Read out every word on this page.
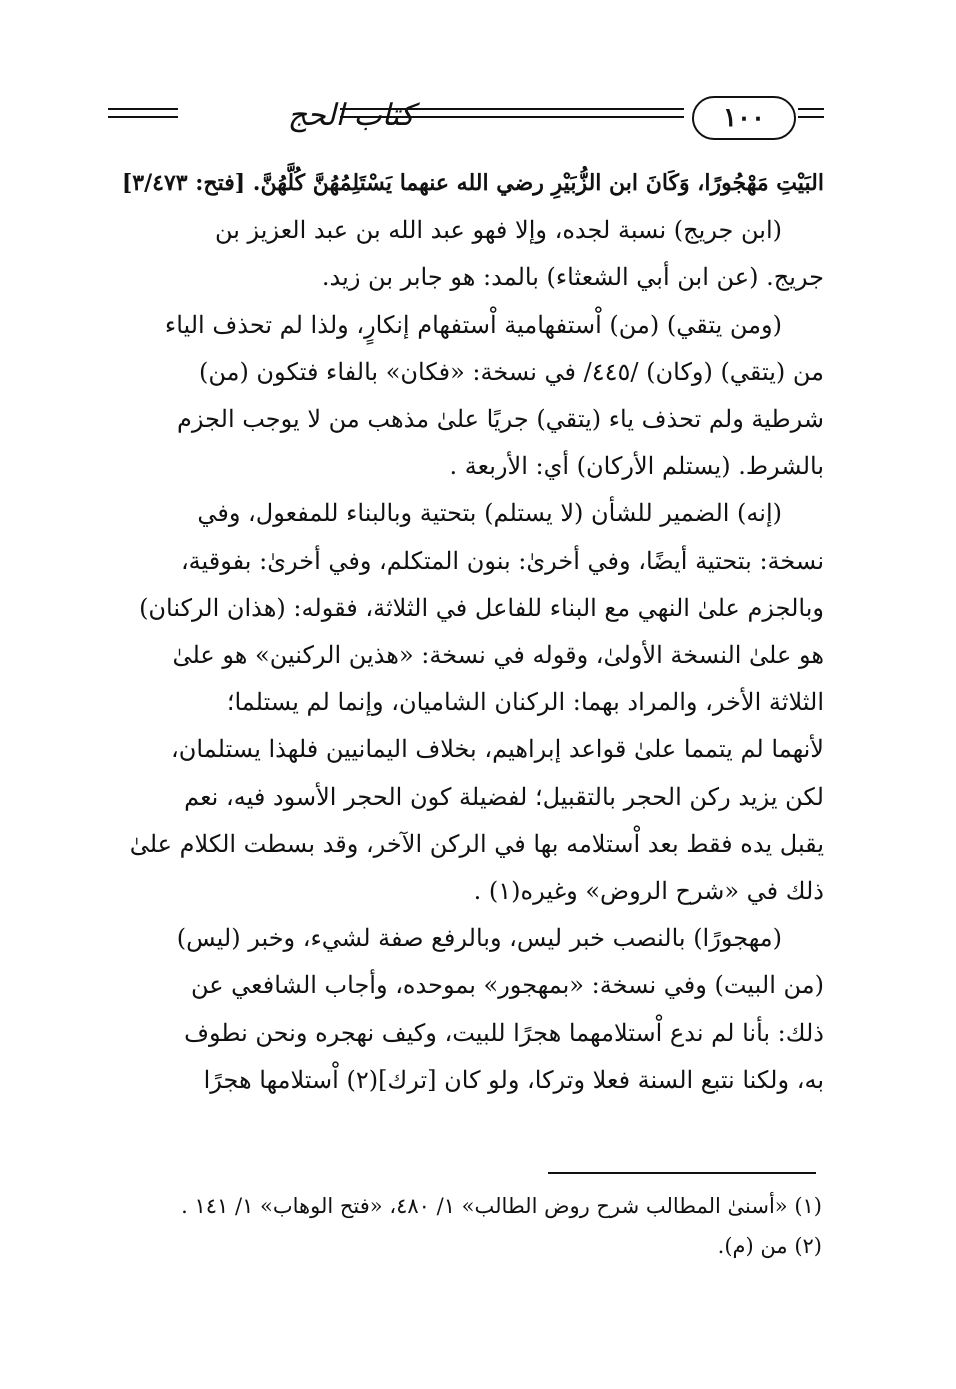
كتاب الحج	١٠٠

البَيْتِ مَهْجُورًا، وَكَانَ ابن الزُّبَيْرِ رضي الله عنهما يَسْتَلِمُهُنَّ كُلَّهُنَّ. [فتح: ٣/٤٧٣]

(ابن جريج) نسبة لجده، وإلا فهو عبد الله بن عبد العزيز بن

جريج. (عن ابن أبي الشعثاء) بالمد: هو جابر بن زيد.

(ومن يتقي) (من) اْستفهامية اْستفهام إنكارٍ، ولذا لم تحذف الياء

من (يتقي) (وكان) /٤٤٥/ في نسخة: «فكان» بالفاء فتكون (من)

شرطية ولم تحذف ياء (يتقي) جريًا علىٰ مذهب من لا يوجب الجزم

بالشرط. (يستلم الأركان) أي: الأربعة .

(إنه) الضمير للشأن (لا يستلم) بتحتية وبالبناء للمفعول، وفي

نسخة: بتحتية أيضًا، وفي أخرىٰ: بنون المتكلم، وفي أخرىٰ: بفوقية،

وبالجزم علىٰ النهي مع البناء للفاعل في الثلاثة، فقوله: (هذان الركنان)

هو علىٰ النسخة الأولىٰ، وقوله في نسخة: «هذين الركنين» هو علىٰ

الثلاثة الأخر، والمراد بهما: الركنان الشاميان، وإنما لم يستلما؛

لأنهما لم يتمما علىٰ قواعد إبراهيم، بخلاف اليمانيين فلهذا يستلمان،

لكن يزيد ركن الحجر بالتقبيل؛ لفضيلة كون الحجر الأسود فيه، نعم

يقبل يده فقط بعد اْستلامه بها في الركن الآخر، وقد بسطت الكلام علىٰ

ذلك في «شرح الروض» وغيره(١) .

(مهجورًا) بالنصب خبر ليس، وبالرفع صفة لشيء، وخبر (ليس)

(من البيت) وفي نسخة: «بمهجور» بموحده، وأجاب الشافعي عن

ذلك: بأنا لم ندع اْستلامهما هجرًا للبيت، وكيف نهجره ونحن نطوف

به، ولكنا نتبع السنة فعلا وتركا، ولو كان [ترك](٢) اْستلامها هجرًا

(١) «أسنىٰ المطالب شرح روض الطالب» ١/ ٤٨٠، «فتح الوهاب» ١/ ١٤١ .
(٢) من (م).
